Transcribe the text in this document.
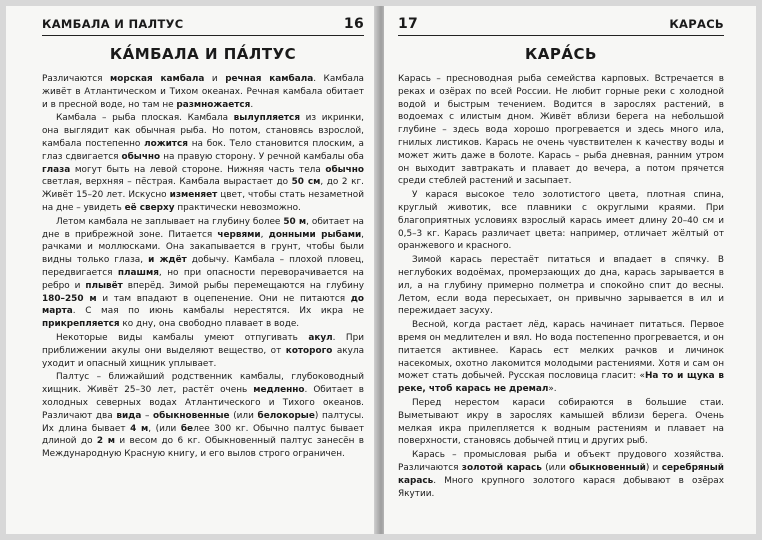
КАМБАЛА И ПАЛТУС	16
КА́МБАЛА И ПА́ЛТУС

Различаются морская камбала и речная камбала. Камбала живёт в Атлантическом и Тихом океанах. Речная камбала обитает и в пресной воде, но там не размножается.

Камбала – рыба плоская. Камбала вылупляется из икринки, она выглядит как обычная рыба. Но потом, становясь взрослой, камбала постепенно ложится на бок. Тело становится плоским, а глаз сдвигается обычно на правую сторону. У речной камбалы оба глаза могут быть на левой стороне. Нижняя часть тела обычно светлая, верхняя – пёстрая. Камбала вырастает до 50 см, до 2 кг. Живёт 15–20 лет. Искусно изменяет цвет, чтобы стать незаметной на дне – увидеть её сверху практически невозможно.

Летом камбала не заплывает на глубину более 50 м, обитает на дне в прибрежной зоне. Питается червями, донными рыбами, рачками и моллюсками. Она закапывается в грунт, чтобы были видны только глаза, и ждёт добычу. Камбала – плохой пловец, передвигается плашмя, но при опасности переворачивается на ребро и плывёт вперёд. Зимой рыбы перемещаются на глубину 180–250 м и там впадают в оцепенение. Они не питаются до марта. С мая по июнь камбалы нерестятся. Их икра не прикрепляется ко дну, она свободно плавает в воде.

Некоторые виды камбалы умеют отпугивать акул. При приближении акулы они выделяют вещество, от которого акула уходит и опасный хищник уплывает.

Палтус – ближайший родственник камбалы, глубоководный хищник. Живёт 25–30 лет, растёт очень медленно. Обитает в холодных северных водах Атлантического и Тихого океанов. Различают два вида – обыкновенные (или белокорые) палтусы. Их длина бывает 4 м, (или белее 300 кг. Обычно палтус бывает длиной до 2 м и весом до 6 кг. Обыкновенный палтус занесён в Международную Красную книгу, и его вылов строго ограничен.

17	КАРАСЬ
КАРА́СЬ

Карась – пресноводная рыба семейства карповых. Встречается в реках и озёрах по всей России. Не любит горные реки с холодной водой и быстрым течением. Водится в зарослях растений, в водоемах с илистым дном. Живёт вблизи берега на небольшой глубине – здесь вода хорошо прогревается и здесь много ила, гнилых листиков. Карась не очень чувствителен к качеству воды и может жить даже в болоте. Карась – рыба дневная, ранним утром он выходит завтракать и плавает до вечера, а потом прячется среди стеблей растений и засыпает.

У карася высокое тело золотистого цвета, плотная спина, круглый животик, все плавники с округлыми краями. При благоприятных условиях взрослый карась имеет длину 20–40 см и 0,5–3 кг. Карась различает цвета: например, отличает жёлтый от оранжевого и красного.

Зимой карась перестаёт питаться и впадает в спячку. В неглубоких водоёмах, промерзающих до дна, карась зарывается в ил, а на глубину примерно полметра и спокойно спит до весны. Летом, если вода пересыхает, он привычно зарывается в ил и пережидает засуху.

Весной, когда растает лёд, карась начинает питаться. Первое время он медлителен и вял. Но вода постепенно прогревается, и он питается активнее. Карась ест мелких рачков и личинок насекомых, охотно лакомится молодыми растениями. Хотя и сам он может стать добычей. Русская пословица гласит: «На то и щука в реке, чтоб карась не дремал».

Перед нерестом караси собираются в большие стаи. Выметывают икру в зарослях камышей вблизи берега. Очень мелкая икра прилепляется к водным растениям и плавает на поверхности, становясь добычей птиц и других рыб.

Карась – промысловая рыба и объект прудового хозяйства. Различаются золотой карась (или обыкновенный) и серебряный карась. Много крупного золотого карася добывают в озёрах Якутии.
